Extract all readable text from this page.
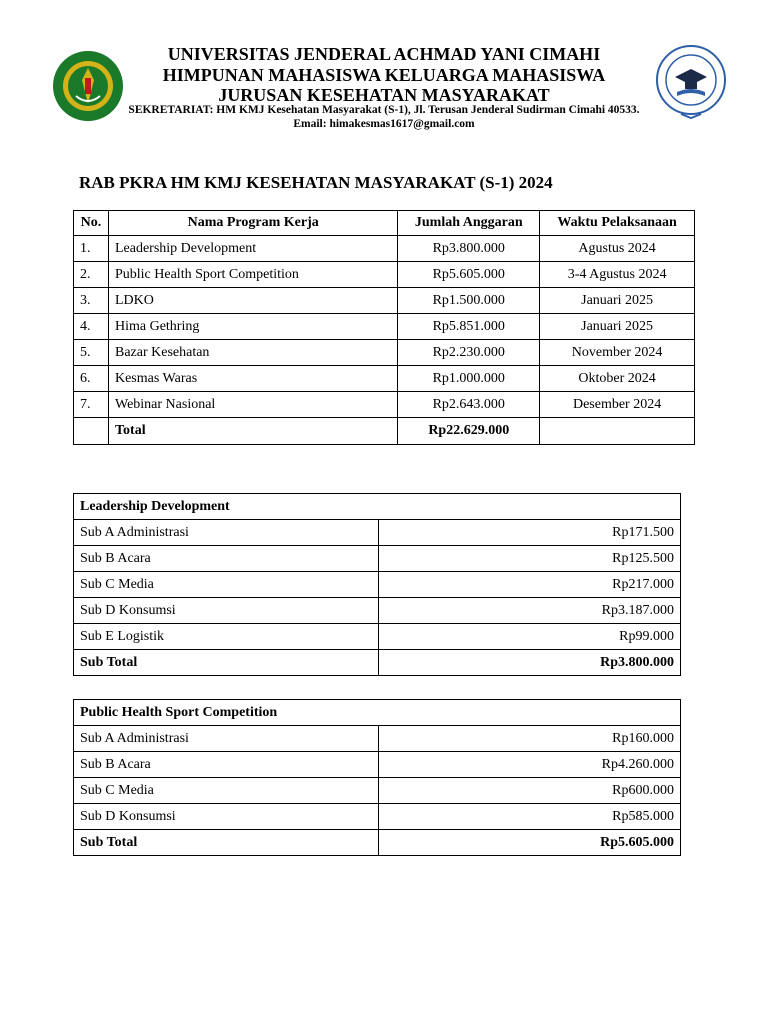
UNIVERSITAS JENDERAL ACHMAD YANI CIMAHI
HIMPUNAN MAHASISWA KELUARGA MAHASISWA
JURUSAN KESEHATAN MASYARAKAT
SEKRETARIAT: HM KMJ Kesehatan Masyarakat (S-1), Jl. Terusan Jenderal Sudirman Cimahi 40533.
Email: himakesmas1617@gmail.com
RAB PKRA HM KMJ KESEHATAN MASYARAKAT (S-1) 2024
No.	Nama Program Kerja	Jumlah Anggaran	Waktu Pelaksanaan
1.	Leadership Development	Rp3.800.000	Agustus 2024
2.	Public Health Sport Competition	Rp5.605.000	3-4 Agustus 2024
3.	LDKO	Rp1.500.000	Januari 2025
4.	Hima Gethring	Rp5.851.000	Januari 2025
5.	Bazar Kesehatan	Rp2.230.000	November 2024
6.	Kesmas Waras	Rp1.000.000	Oktober 2024
7.	Webinar Nasional	Rp2.643.000	Desember 2024
	Total	Rp22.629.000	
Leadership Development	
Sub A Administrasi	Rp171.500
Sub B Acara	Rp125.500
Sub C Media	Rp217.000
Sub D Konsumsi	Rp3.187.000
Sub E Logistik	Rp99.000
Sub Total	Rp3.800.000
Public Health Sport Competition	
Sub A Administrasi	Rp160.000
Sub B Acara	Rp4.260.000
Sub C Media	Rp600.000
Sub D Konsumsi	Rp585.000
Sub Total	Rp5.605.000
